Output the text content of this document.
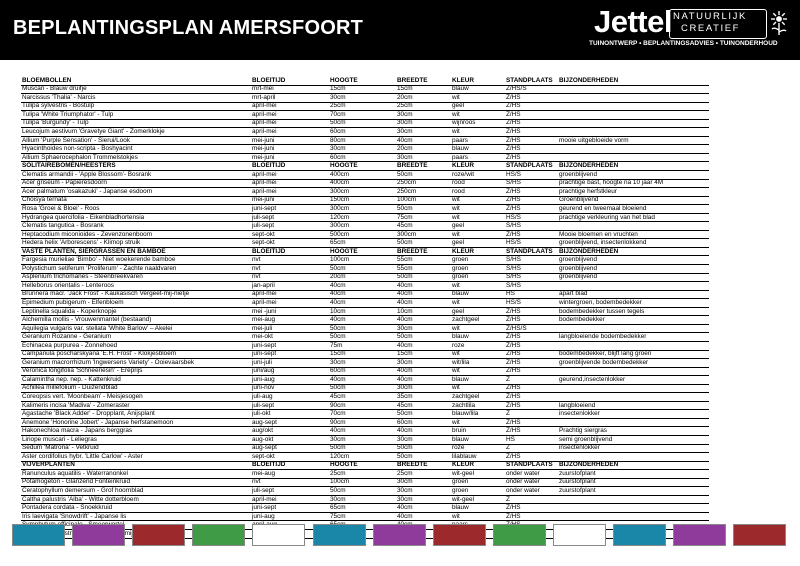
BEPLANTINGSPLAN AMERSFOORT	Jettel NATUURLIJK
CREATIEF
TUINONTWERP • BEPLANTINGSADVIES • TUINONDERHOUD
BLOEMBOLLEN	BLOEITIJD	HOOGTE	BREEDTE	KLEUR	STANDPLAATS	BIJZONDERHEDEN
Muscari - Blauw druifje	mrt-mei	15cm	15cm	blauw	Z/HS/S	
Narcissus 'Thalia' - Narcis	mrt-april	30cm	20cm	wit	Z/HS	
Tulipa sylvestris - Bostulp	april-mei	25cm	25cm	geel	Z/HS	
Tulipa 'White Triumphator' - Tulp	april-mei	70cm	30cm	wit	Z/HS	
Tulipa 'Burgundy' - Tulp	april-mei	50cm	30cm	wijnroos	Z/HS	
Leucojum aestivum 'Gravetye Giant' - Zomerklokje	april-mei	60cm	30cm	wit	Z/HS	
Allium 'Purple Sensation' - Sierui/Look	mei-juni	80cm	40cm	paars	Z/HS	mooie uitgebloeide vorm
Hyacinthoides non-scripta - Boshyacint	mei-juni	30cm	20cm	blauw	Z/HS	
Allium Sphaerocephalon Trommelstokjes	mei-juni	60cm	30cm	paars	Z/HS	
SOLITAIREBOMEN/HEESTERS	BLOEITIJD	HOOGTE	BREEDTE	KLEUR	STANDPLAATS	BIJZONDERHEDEN
Clematis armandii - 'Apple Blossom'- Bosrank	april-mei	400cm	50cm	roze/wit	HS/S	groenblijvend
Acer griseum - Papieresdoorn	april-mei	400cm	250cm	rood	S/HS	prachtige bast, hoogte na 10 jaar 4M
Acer palmatum 'osakazuki' - Japanse esdoorn	april-mei	300cm	250cm	rood	Z/HS	prachtige herfstkleur
Choisya ternata	mei-juni	150cm	100cm	wit	Z/HS	Groenblijvend
Rosa 'Groei & Bloei' - Roos	juni-sept	300cm	50cm	wit	Z/HS	geurend en tweemaal bloeiend
Hydrangea quercifolia - Eikenbladhortensia	juli-sept	120cm	75cm	wit	HS/S	prachtige verkleuring van het blad
Clematis tangutica - Bosrank	juli-sept	300cm	45cm	geel	S/HS	
Heptacodium miconioides - Zevenzonenboom	sept-okt	500cm	300cm	wit	Z/HS	Mooie bloemen en vruchten
Hedera helix 'Arborescens' - Klimop struik	sept-okt	65cm	50cm	geel	HS/S	groenblijvend, insectenlokkend
VASTE PLANTEN, SIERGRASSEN EN BAMBOE	BLOEITIJD	HOOGTE	BREEDTE	KLEUR	STANDPLAATS	BIJZONDERHEDEN
Fargesia murieliae 'Bimbo' - Niet woekerende bamboe	nvt	100cm	55cm	groen	S/HS	groenblijvend
Polystichum setiferum 'Proliferum' - Zachte naaldvaren	nvt	50cm	55cm	groen	S/HS	groenblijvend
Asplenium trichomanes - Steenbreekvaren	nvt	20cm	50cm	groen	S/HS	groenblijvend
Helleborus orientalis - Lenteroos	jan-april	40cm	40cm	wit	S/HS	
Brunnera macr. 'Jack Frost' - Kaukasisch Vergeet-mij-nietje	april-mei	40cm	40cm	blauw	HS	apart blad
Epimedium pubigerum - Elfenbloem	april-mei	40cm	40cm	wit	HS/S	wintergroen, bodembedekker
Leptinella squalida - Koperknopje	mei -juni	10cm	10cm	geel	Z/HS	bodembedekker tussen tegels
Alchemilla mollis - Vrouwenmantel (bestaand)	mei-aug	40cm	40cm	zachtgeel	Z/HS	bodembedekker
Aquilegia vulgaris var. stellata 'White Barlow' – Akelei	mei-juli	50cm	30cm	wit	Z/HS/S	
Geranium Rozanne - Geranium	mei-okt	50cm	50cm	blauw	Z/HS	langbloeiende bodembedekker
Echinacea purpurea - Zonnehoed	juni-sept	75m	40cm	roze	Z/HS	
Campanula poscharskyana 'E.H. Frost' - Klokjesbloem	juni-sept	15cm	15cm	wit	Z/HS	bodembedekker, blijft lang groen
Geranium macrorrhizum 'Ingwersens Variety' - Ooievaarsbek	juni-juli	30cm	30cm	wit/lila	Z/HS	groenblijvende bodembedekker
Veronica longifolia 'Schneeriesin' - Ereprijs	juni/aug	60cm	40cm	wit	Z/HS	
Calamintha nep. nep. - Kattenkruid	juni-aug	40cm	40cm	blauw	Z	geurend,insectenlokker
Achillea millefolium - Duizendblad	juni-nov	50cm	30cm	wit	Z/HS	
Coreopsis vert. 'Moonbeam' - Meisjesogen	juli-aug	45cm	35cm	zachtgeel	Z/HS	
Kalimeris incisa 'Madiva' - Zomeraster	juli-sept	90cm	45cm	zachtlila	Z/HS	langbloeiend
Agastache 'Black Adder' - Dropplant, Anijsplant	juli-okt	70cm	50cm	blauw/lila	Z	insectenlokker
Anemone 'Honorine Jobert' - Japanse herfstanemoon	aug-sept	90cm	60cm	wit	Z/HS	
Hakonechloa macra - Japans berggras	aug/okt	40cm	40cm	bruin	Z/HS	Prachtig siergras
Liriope muscari - Leliegras	aug-okt	30cm	30cm	blauw	HS	semi groenblijvend
Sedum 'Matrona' - Vetkruid	aug-sept	50cm	50cm	roze	Z	insectenlokker
Aster cordifolius hybr. 'Little Carlow' - Aster	sept-okt	120cm	50cm	lilablauw	Z/HS	
VIJVERPLANTEN	BLOEITIJD	HOOGTE	BREEDTE	KLEUR	STANDPLAATS	BIJZONDERHEDEN
Ranunculus aquatilis - Waterranonkel	mei-aug	25cm	25cm	wit-geel	onder water	zuurstofplant
Potamogeton - Glanzend Fonteinkruid	nvt	100cm	30cm	groen	onder water	zuurstofplant
Ceratophyllum demersum - Grof hoornblad	juli-sept	50cm	30cm	groen	onder water	zuurstofplant
Caltha palustris 'Alba' - Witte dotterbloem	april-mei	30cm	30cm	wit-geel	Z	
Pontadera cordata - Snoekkruid	juni-sept	65cm	40cm	blauw	Z/HS	
Iris laevigata 'Snowdrift' - Japanse lis	juni-aug	75cm	40cm	wit	Z/HS	
officinale						
